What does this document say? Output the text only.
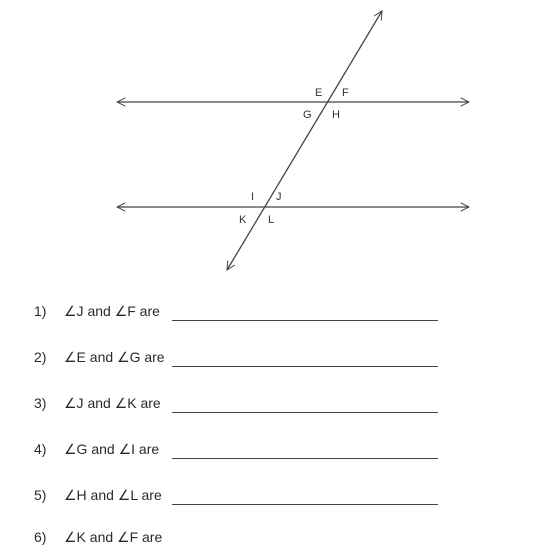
E F
G H
I J
K L
1) ∠J and ∠F are
2) ∠E and ∠G are
3) ∠J and ∠K are
4) ∠G and ∠I are
5) ∠H and ∠L are
6) ∠K and ∠F are
